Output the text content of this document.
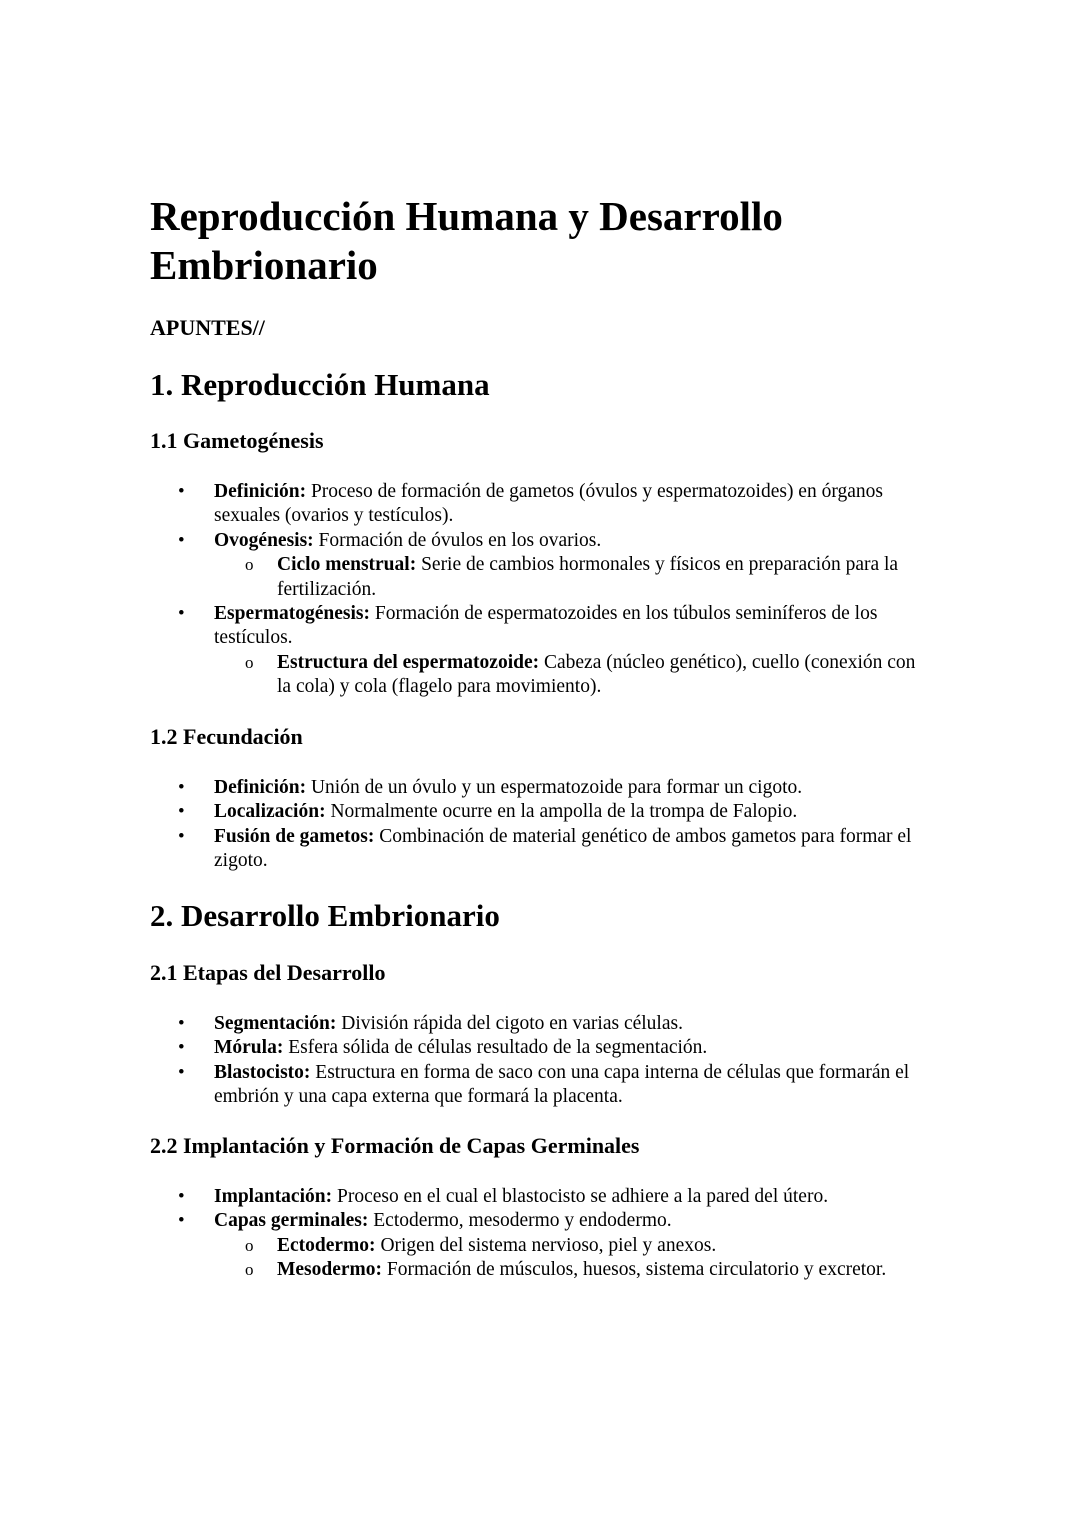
Reproducción Humana y Desarrollo Embrionario

APUNTES//

1. Reproducción Humana
1.1 Gametogénesis
• Definición: Proceso de formación de gametos (óvulos y espermatozoides) en órganos sexuales (ovarios y testículos).
• Ovogénesis: Formación de óvulos en los ovarios.
o Ciclo menstrual: Serie de cambios hormonales y físicos en preparación para la fertilización.
• Espermatogénesis: Formación de espermatozoides en los túbulos seminíferos de los testículos.
o Estructura del espermatozoide: Cabeza (núcleo genético), cuello (conexión con la cola) y cola (flagelo para movimiento).
1.2 Fecundación
• Definición: Unión de un óvulo y un espermatozoide para formar un cigoto.
• Localización: Normalmente ocurre en la ampolla de la trompa de Falopio.
• Fusión de gametos: Combinación de material genético de ambos gametos para formar el zigoto.
2. Desarrollo Embrionario
2.1 Etapas del Desarrollo
• Segmentación: División rápida del cigoto en varias células.
• Mórula: Esfera sólida de células resultado de la segmentación.
• Blastocisto: Estructura en forma de saco con una capa interna de células que formarán el embrión y una capa externa que formará la placenta.
2.2 Implantación y Formación de Capas Germinales
• Implantación: Proceso en el cual el blastocisto se adhiere a la pared del útero.
• Capas germinales: Ectodermo, mesodermo y endodermo.
o Ectodermo: Origen del sistema nervioso, piel y anexos.
o Mesodermo: Formación de músculos, huesos, sistema circulatorio y excretor.
